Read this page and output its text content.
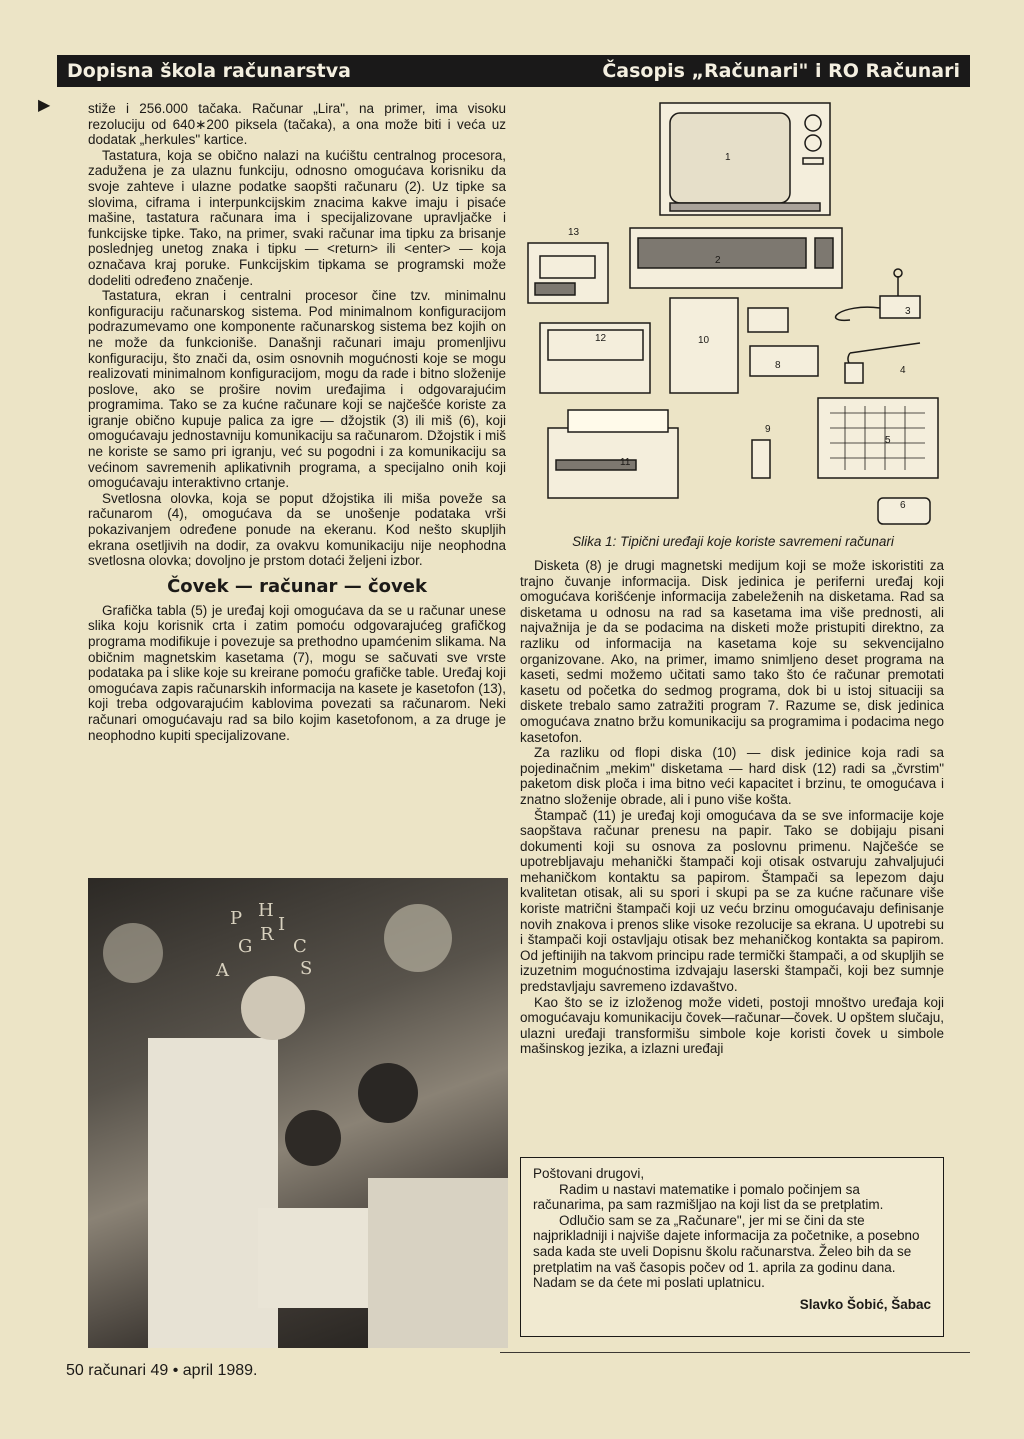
Dopisna škola računarstva	Časopis „Računari" i RO Računari
▶	stiže i 256.000 tačaka. Računar „Lira", na primer, ima visoku rezoluciju od 640∗200 piksela (tačaka), a ona može biti i veća uz dodatak „herkules" kartice.

Tastatura, koja se obično nalazi na kućištu centralnog procesora, zadužena je za ulaznu funkciju, odnosno omogućava korisniku da svoje zahteve i ulazne podatke saopšti računaru (2). Uz tipke sa slovima, ciframa i interpunkcijskim znacima kakve imaju i pisaće mašine, tastatura računara ima i specijalizovane upravljačke i funkcijske tipke. Tako, na primer, svaki računar ima tipku za brisanje poslednjeg unetog znaka i tipku — <return> ili <enter> — koja označava kraj poruke. Funkcijskim tipkama se programski može dodeliti određeno značenje.

Tastatura, ekran i centralni procesor čine tzv. minimalnu konfiguraciju računarskog sistema. Pod minimalnom konfiguracijom podrazumevamo one komponente računarskog sistema bez kojih on ne može da funkcioniše. Današnji računari imaju promenljivu konfiguraciju, što znači da, osim osnovnih mogućnosti koje se mogu realizovati minimalnom konfiguracijom, mogu da rade i bitno složenije poslove, ako se proširе novim uređajima i odgovarajućim programima. Tako se za kućne računare koji se najčešće koriste za igranje obično kupuje palica za igre — džojstik (3) ili miš (6), koji omogućavaju jednostavniju komunikaciju sa računarom. Džojstik i miš ne koriste se samo pri igranju, već su pogodni i za komunikaciju sa većinom savremenih aplikativnih programa, a specijalno onih koji omogućavaju interaktivno crtanje.

Svetlosna olovka, koja se poput džojstika ili miša poveže sa računarom (4), omogućava da se unošenje podataka vrši pokazivanjem određene ponude na ekeranu. Kod nešto skupljih ekrana osetljivih na dodir, za ovakvu komunikaciju nije neophodna svetlosna olovka; dovoljno je prstom dotaći željeni izbor.

Čovek — računar — čovek

Grafička tabla (5) je uređaj koji omogućava da se u računar unese slika koju korisnik crta i zatim pomoću odgovarajućeg grafičkog programa modifikuje i povezuje sa prethodno upamćenim slikama. Na običnim magnetskim kasetama (7), mogu se sačuvati sve vrste podataka pa i slike koje su kreirane pomoću grafičke table. Uređaj koji omogućava zapis računarskih informacija na kasete je kasetofon (13), koji treba odgovarajućim kablovima povezati sa računarom. Neki računari omogućavaju rad sa bilo kojim kasetofonom, a za druge je neophodno kupiti specijalizovane.

1
2
3
4
5
6
8
9
10
11
12
13
Slika 1: Tipični uređaji koje koriste savremeni računari

Disketa (8) je drugi magnetski medijum koji se može iskoristiti za trajno čuvanje informacija. Disk jedinica je periferni uređaj koji omogućava korišćenje informacija zabeleženih na disketama. Rad sa disketama u odnosu na rad sa kasetama ima više prednosti, ali najvažnija je da se podacima na disketi može pristupiti direktno, za razliku od informacija na kasetama koje su sekvencijalno organizovane. Ako, na primer, imamo snimljeno deset programa na kaseti, sedmi možemo učitati samo tako što će računar premotati kasetu od početka do sedmog programa, dok bi u istoj situaciji sa diskete trebalo samo zatražiti program 7. Razume se, disk jedinica omogućava znatno bržu komunikaciju sa programima i podacima nego kasetofon.

Za razliku od flopi diska (10) — disk jedinice koja radi sa pojedinačnim „mekim" disketama — hard disk (12) radi sa „čvrstim" paketom disk ploča i ima bitno veći kapacitet i brzinu, te omogućava i znatno složenije obrade, ali i puno više košta.

Štampač (11) je uređaj koji omogućava da se sve informacije koje saopštava računar prenesu na papir. Tako se dobijaju pisani dokumenti koji su osnova za poslovnu primenu. Najčešće se upotrebljavaju mehanički štampači koji otisak ostvaruju zahvaljujući mehaničkom kontaktu sa papirom. Štampači sa lepezom daju kvalitetan otisak, ali su spori i skupi pa se za kućne računare više koriste matrični štampači koji uz veću brzinu omogućavaju definisanje novih znakova i prenos slike visoke rezolucije sa ekrana. U upotrebi su i štampači koji ostavljaju otisak bez mehaničkog kontakta sa papirom. Od jeftinijih na takvom principu rade termički štampači, a od skupljih se izuzetnim mogućnostima izdvajaju laserski štampači, koji bez sumnje predstavljaju savremeno izdavaštvo.

Kao što se iz izloženog može videti, postoji mnoštvo uređaja koji omogućavaju komunikaciju čovek—računar—čovek. U opštem slučaju, ulazni uređaji transformišu simbole koje koristi čovek u simbole mašinskog jezika, a izlazni uređaji

G
R
A
P H
I
C
S

Poštovani drugovi,

Radim u nastavi matematike i pomalo počinjem sa računarima, pa sam razmišljao na koji list da se pretplatim.

Odlučio sam se za „Računare", jer mi se čini da ste najprikladniji i najviše dajete informacija za početnike, a posebno sada kada ste uveli Dopisnu školu računarstva. Želeo bih da se pretplatim na vaš časopis počev od 1. aprila za godinu dana. Nadam se da ćete mi poslati uplatnicu.

Slavko Šobić, Šabac

50 računari 49 • april 1989.
